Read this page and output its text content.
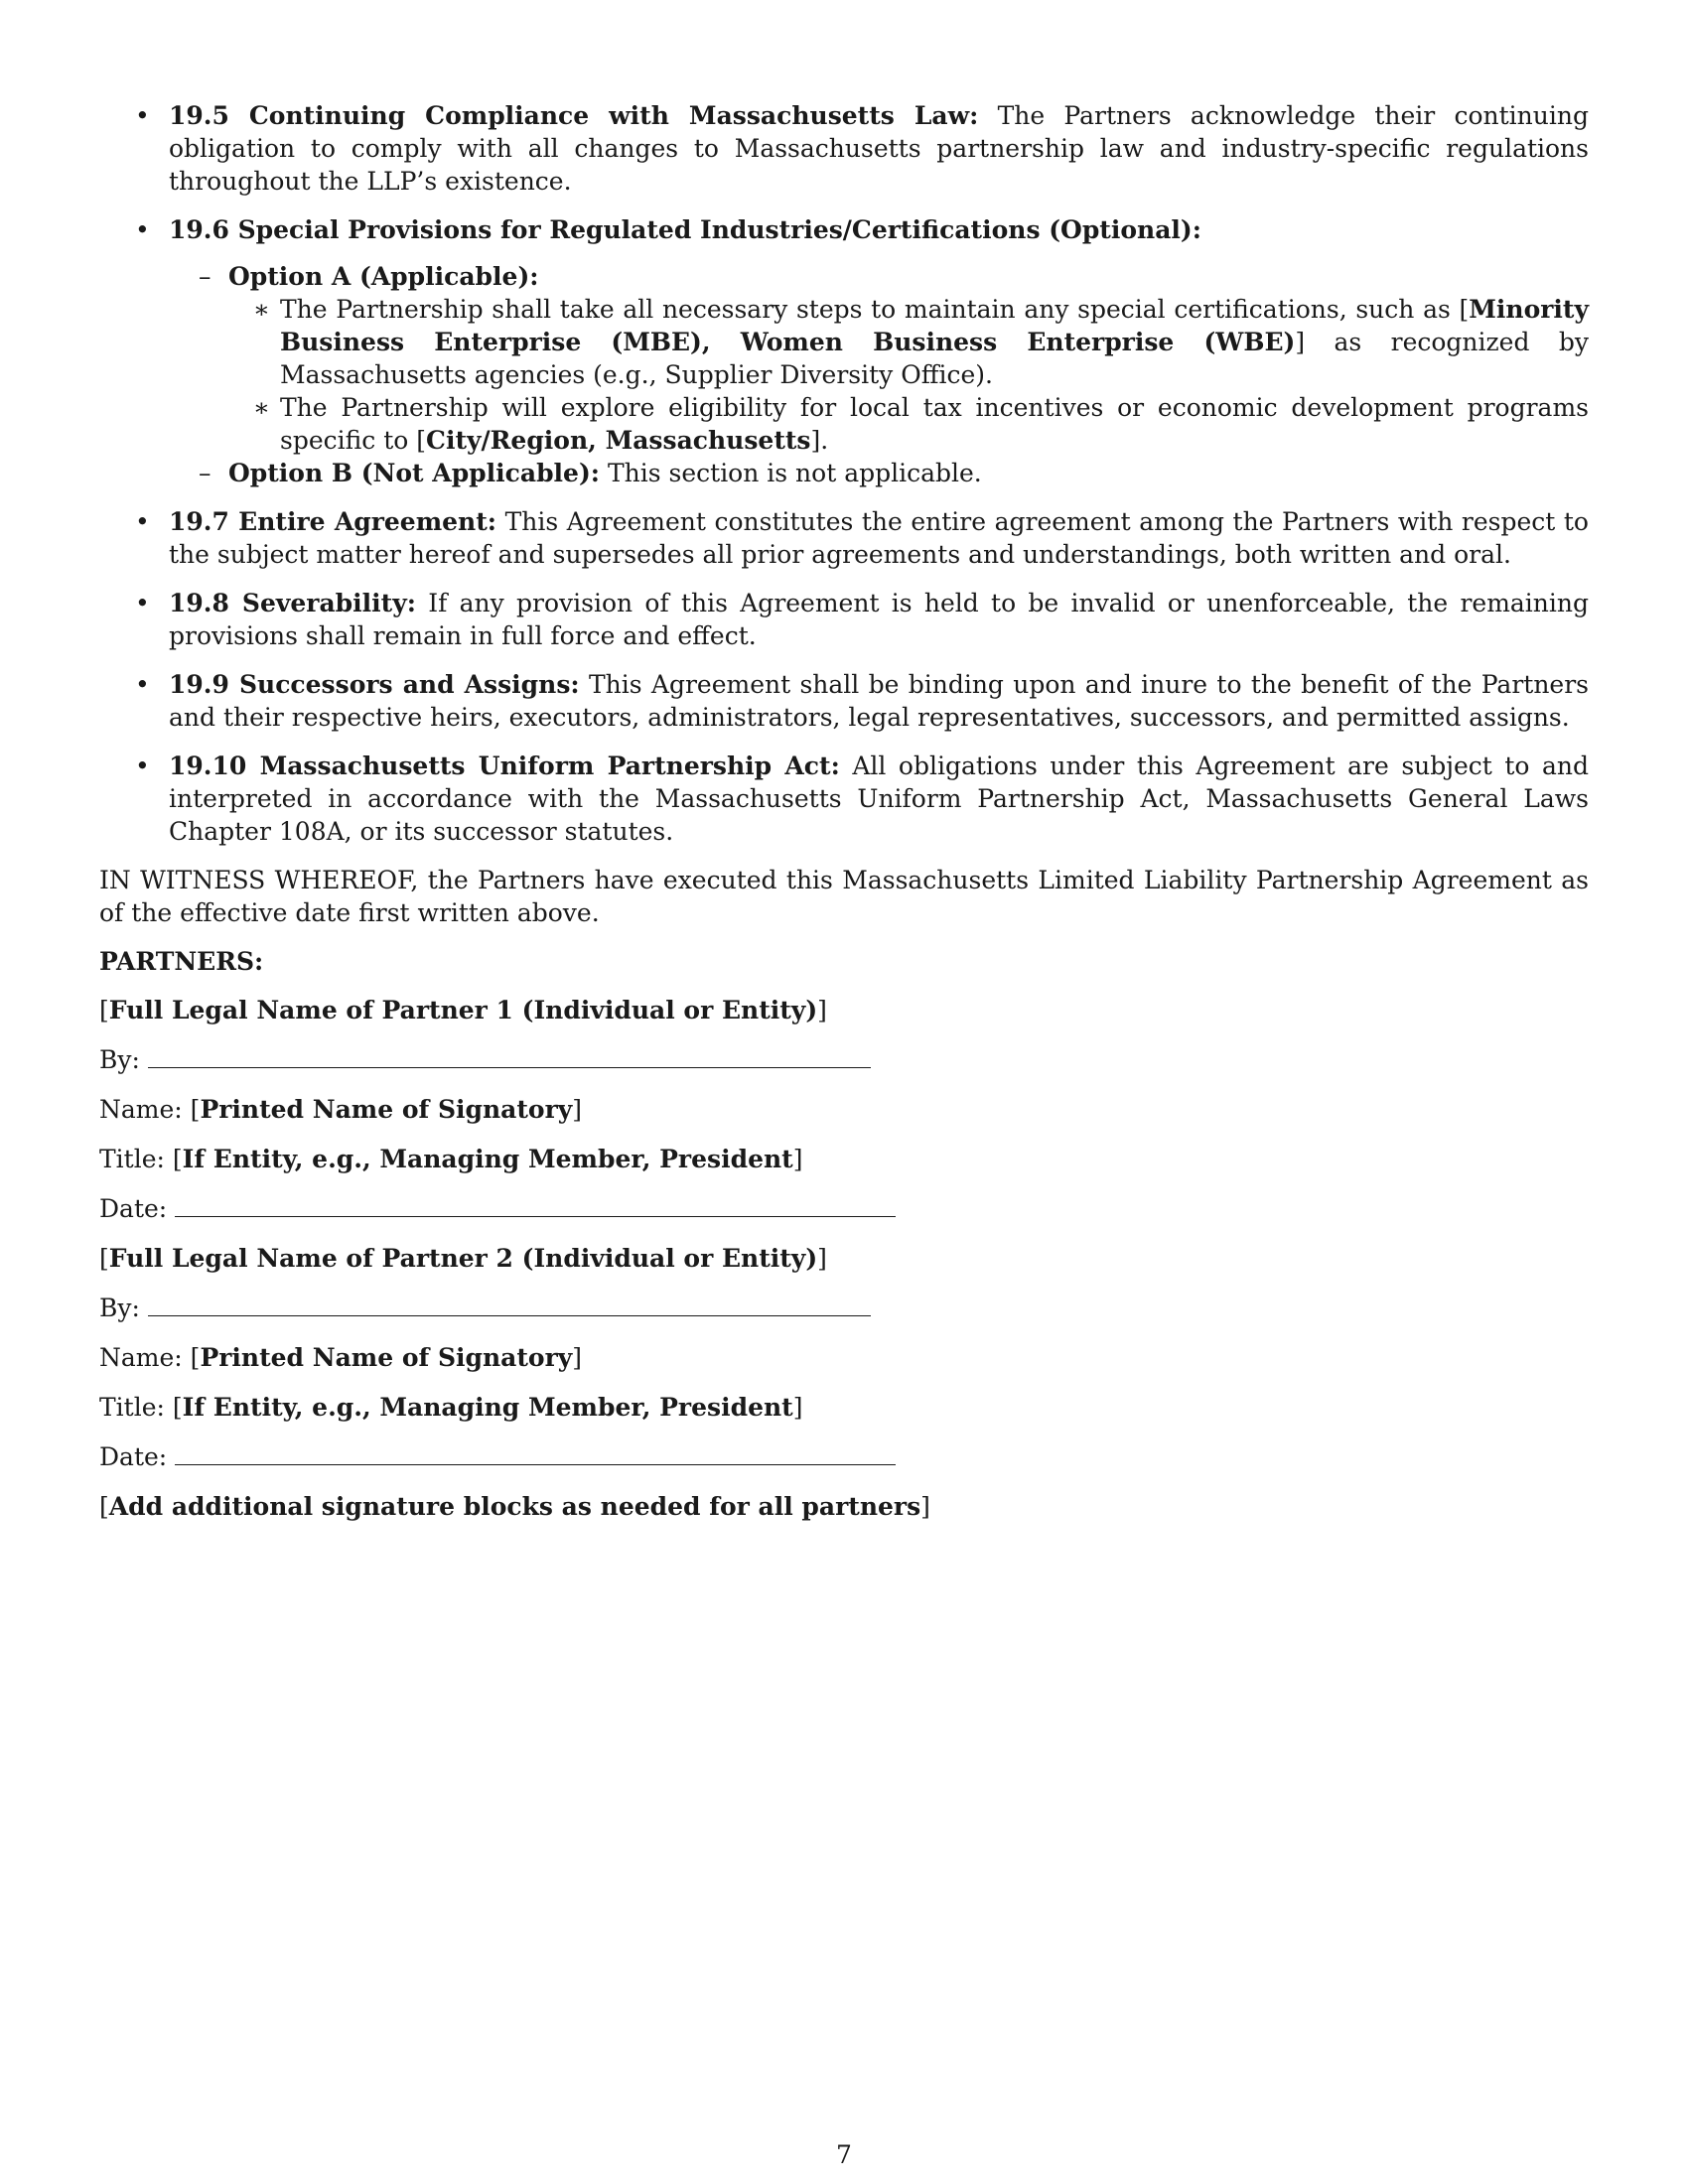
• 19.5 Continuing Compliance with Massachusetts Law: The Partners acknowledge their continuing obligation to comply with all changes to Massachusetts partnership law and industry-specific regulations throughout the LLP’s existence.
• 19.6 Special Provisions for Regulated Industries/Certifications (Optional):
– Option A (Applicable):
∗ The Partnership shall take all necessary steps to maintain any special certifications, such as [Minority Business Enterprise (MBE), Women Business Enterprise (WBE)] as recognized by Massachusetts agencies (e.g., Supplier Diversity Office).
∗ The Partnership will explore eligibility for local tax incentives or economic development programs specific to [City/Region, Massachusetts].
– Option B (Not Applicable): This section is not applicable.
• 19.7 Entire Agreement: This Agreement constitutes the entire agreement among the Partners with respect to the subject matter hereof and supersedes all prior agreements and understandings, both written and oral.
• 19.8 Severability: If any provision of this Agreement is held to be invalid or unenforceable, the remaining provisions shall remain in full force and effect.
• 19.9 Successors and Assigns: This Agreement shall be binding upon and inure to the benefit of the Partners and their respective heirs, executors, administrators, legal representatives, successors, and permitted assigns.
• 19.10 Massachusetts Uniform Partnership Act: All obligations under this Agreement are subject to and interpreted in accordance with the Massachusetts Uniform Partnership Act, Massachusetts General Laws Chapter 108A, or its successor statutes.

IN WITNESS WHEREOF, the Partners have executed this Massachusetts Limited Liability Partnership Agreement as of the effective date first written above.

PARTNERS:

[Full Legal Name of Partner 1 (Individual or Entity)]

By:

Name: [Printed Name of Signatory]

Title: [If Entity, e.g., Managing Member, President]

Date:

[Full Legal Name of Partner 2 (Individual or Entity)]

By:

Name: [Printed Name of Signatory]

Title: [If Entity, e.g., Managing Member, President]

Date:

[Add additional signature blocks as needed for all partners]

7
